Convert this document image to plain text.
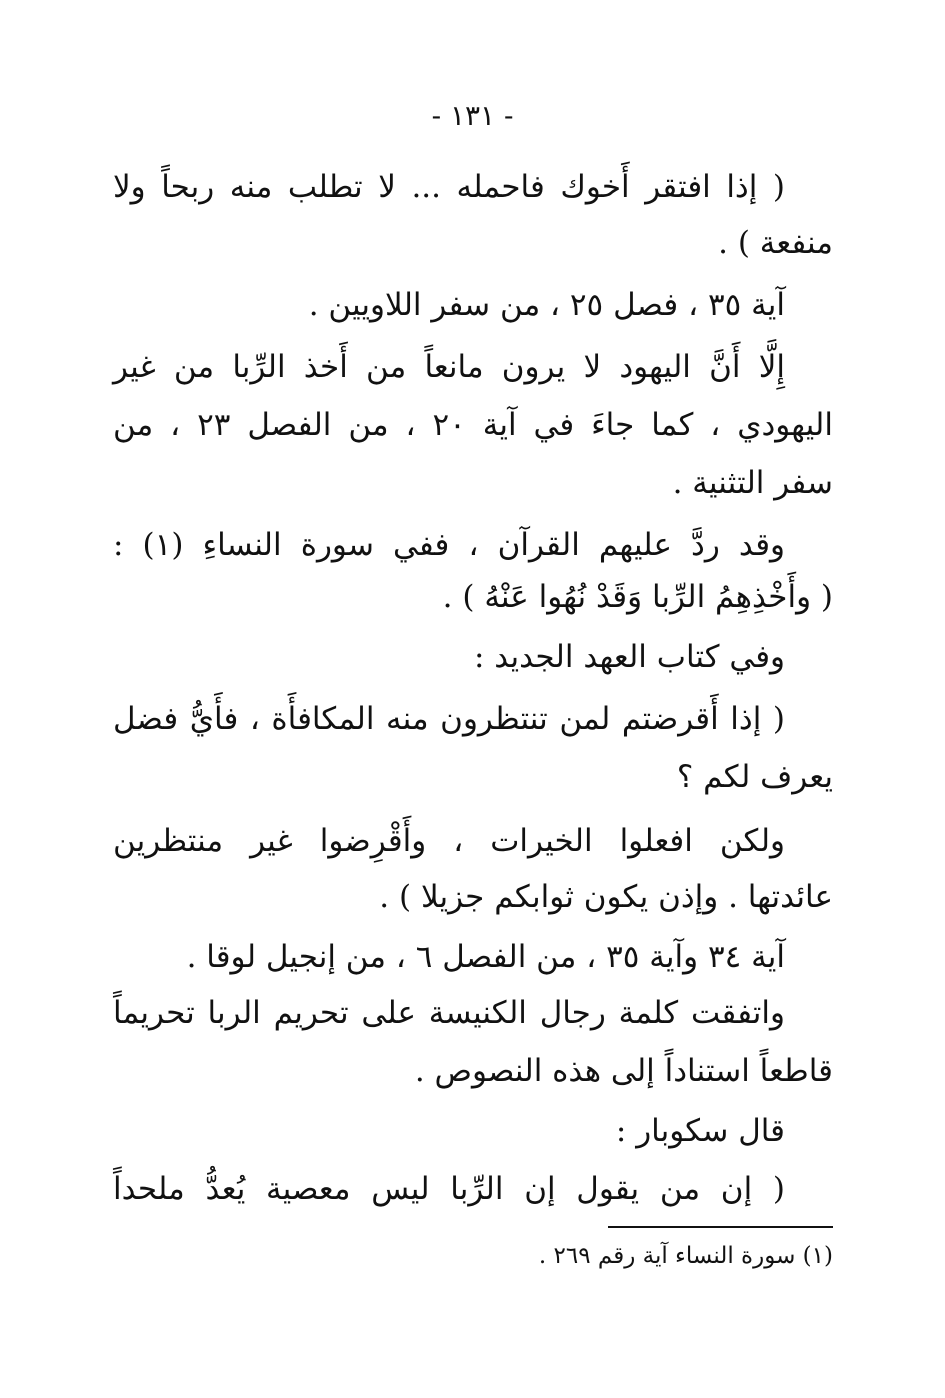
- ١٣١ -
( إذا افتقر أَخوك فاحمله ... لا تطلب منه ربحاً ولا
منفعة ) .
آية ٣٥ ، فصل ٢٥ ، من سفر اللاويين .
إِلَّا أَنَّ اليهود لا يرون مانعاً من أَخذ الرِّبا من غير
اليهودي ، كما جاءَ في آية ٢٠ ، من الفصل ٢٣ ، من
سفر التثنية .
وقد ردَّ عليهم القرآن ، ففي سورة النساءِ (١) :
( وأَخْذِهِمُ الرِّبا وَقَدْ نُهُوا عَنْهُ ) .
وفي كتاب العهد الجديد :
( إذا أَقرضتم لمن تنتظرون منه المكافأَة ، فأَيُّ فضل
يعرف لكم ؟
ولكن افعلوا الخيرات ، وأَقْرِضوا غير منتظرين
عائدتها . وإذن يكون ثوابكم جزيلا ) .
آية ٣٤ وآية ٣٥ ، من الفصل ٦ ، من إنجيل لوقا .
واتفقت كلمة رجال الكنيسة على تحريم الربا تحريماً
قاطعاً استناداً إلى هذه النصوص .
قال سكوبار :
( إن من يقول إن الرِّبا ليس معصية يُعدُّ ملحداً
(١) سورة النساء آية رقم ٢٦٩ .
